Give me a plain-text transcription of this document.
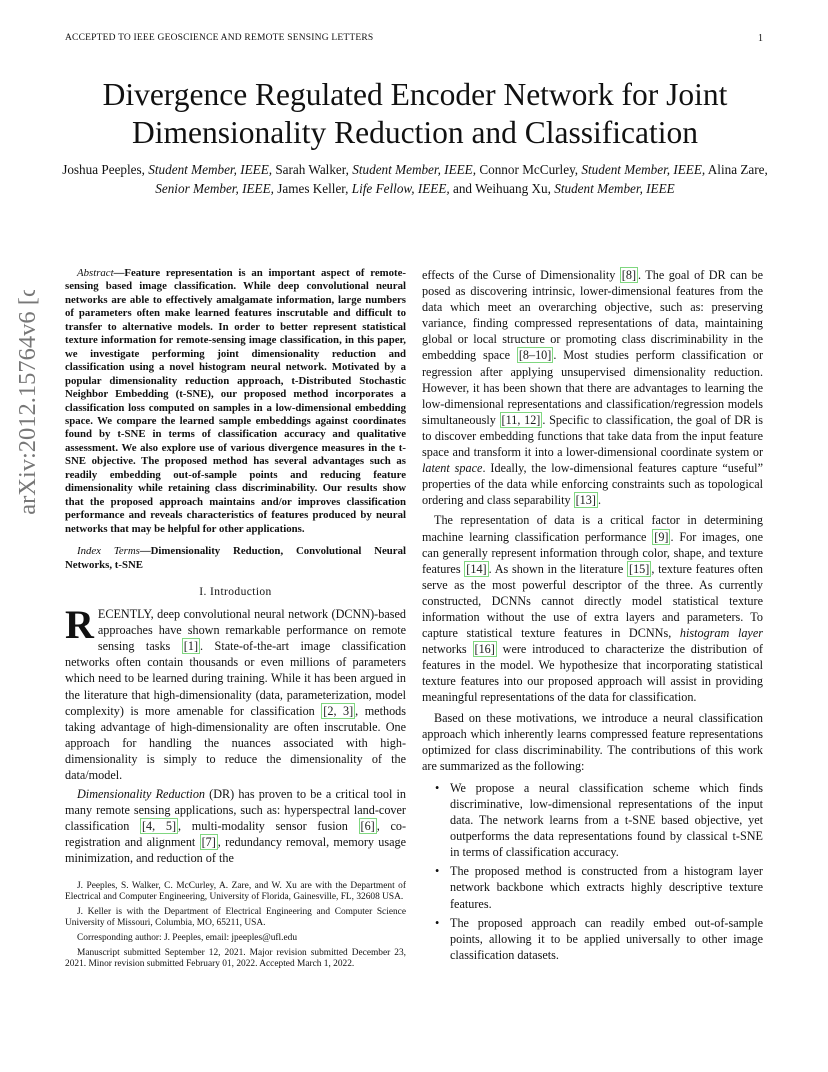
ACCEPTED TO IEEE GEOSCIENCE AND REMOTE SENSING LETTERS	1
Divergence Regulated Encoder Network for Joint
Dimensionality Reduction and Classification
Joshua Peeples, Student Member, IEEE, Sarah Walker, Student Member, IEEE, Connor McCurley, Student Member, IEEE, Alina Zare, Senior Member, IEEE, James Keller, Life Fellow, IEEE, and Weihuang Xu, Student Member, IEEE
arXiv:2012.15764v6 [cs.LG] 4 Mar 2022	Abstract—Feature representation is an important aspect of remote-sensing based image classification. While deep convolutional neural networks are able to effectively amalgamate information, large numbers of parameters often make learned features inscrutable and difficult to transfer to alternative models. In order to better represent statistical texture information for remote-sensing image classification, in this paper, we investigate performing joint dimensionality reduction and classification using a novel histogram neural network. Motivated by a popular dimensionality reduction approach, t-Distributed Stochastic Neighbor Embedding (t-SNE), our proposed method incorporates a classification loss computed on samples in a low-dimensional embedding space. We compare the learned sample embeddings against coordinates found by t-SNE in terms of classification accuracy and qualitative assessment. We also explore use of various divergence measures in the t-SNE objective. The proposed method has several advantages such as readily embedding out-of-sample points and reducing feature dimensionality while retaining class discriminability. Our results show that the proposed approach maintains and/or improves classification performance and reveals characteristics of features produced by neural networks that may be helpful for other applications.

Index Terms—Dimensionality Reduction, Convolutional Neural Networks, t-SNE

I. Introduction

RECENTLY, deep convolutional neural network (DCNN)-based approaches have shown remarkable performance on remote sensing tasks [1] . State-of-the-art image classification networks often contain thousands or even millions of parameters which need to be learned during training. While it has been argued in the literature that high-dimensionality (data, parameterization, model complexity) is more amenable for classification [2, 3] , methods taking advantage of high-dimensionality are often inscrutable. One approach for handling the nuances associated with high-dimensionality is simply to reduce the dimensionality of the data/model.

Dimensionality Reduction (DR) has proven to be a critical tool in many remote sensing applications, such as: hyperspectral land-cover classification [4, 5] , multi-modality sensor fusion [6] , co-registration and alignment [7] , redundancy removal, memory usage minimization, and reduction of the

J. Peeples, S. Walker, C. McCurley, A. Zare, and W. Xu are with the Department of Electrical and Computer Engineering, University of Florida, Gainesville, FL, 32608 USA.

J. Keller is with the Department of Electrical Engineering and Computer Science University of Missouri, Columbia, MO, 65211, USA.

Corresponding author: J. Peeples, email: jpeeples@ufl.edu

Manuscript submitted September 12, 2021. Major revision submitted December 23, 2021. Minor revision submitted February 01, 2022. Accepted March 1, 2022.

effects of the Curse of Dimensionality [8] . The goal of DR can be posed as discovering intrinsic, lower-dimensional features from the data which meet an overarching objective, such as: preserving variance, finding compressed representations of data, maintaining global or local structure or promoting class discriminability in the embedding space [8–10] . Most studies perform classification or regression after applying unsupervised dimensionality reduction. However, it has been shown that there are advantages to learning the low-dimensional representations and classification/regression models simultaneously [11, 12] . Specific to classification, the goal of DR is to discover embedding functions that take data from the input feature space and transform it into a lower-dimensional coordinate system or latent space. Ideally, the low-dimensional features capture “useful” properties of the data while enforcing constraints such as topological ordering and class separability [13] .

The representation of data is a critical factor in determining machine learning classification performance [9] . For images, one can generally represent information through color, shape, and texture features [14] . As shown in the literature [15] , texture features often serve as the most powerful descriptor of the three. As currently constructed, DCNNs cannot directly model statistical texture information without the use of extra layers and parameters. To capture statistical texture features in DCNNs, histogram layer networks [16] were introduced to characterize the distribution of features in the model. We hypothesize that incorporating statistical texture features into our proposed approach will assist in providing meaningful representations of the data for classification.

Based on these motivations, we introduce a neural classification approach which inherently learns compressed feature representations optimized for class discriminability. The contributions of this work are summarized as the following:

• We propose a neural classification scheme which finds discriminative, low-dimensional representations of the input data. The network learns from a t-SNE based objective, yet outperforms the data representations found by classical t-SNE in terms of classification accuracy.
• The proposed method is constructed from a histogram layer network backbone which extracts highly descriptive texture features.
• The proposed approach can readily embed out-of-sample points, allowing it to be applied universally to other image classification datasets.
